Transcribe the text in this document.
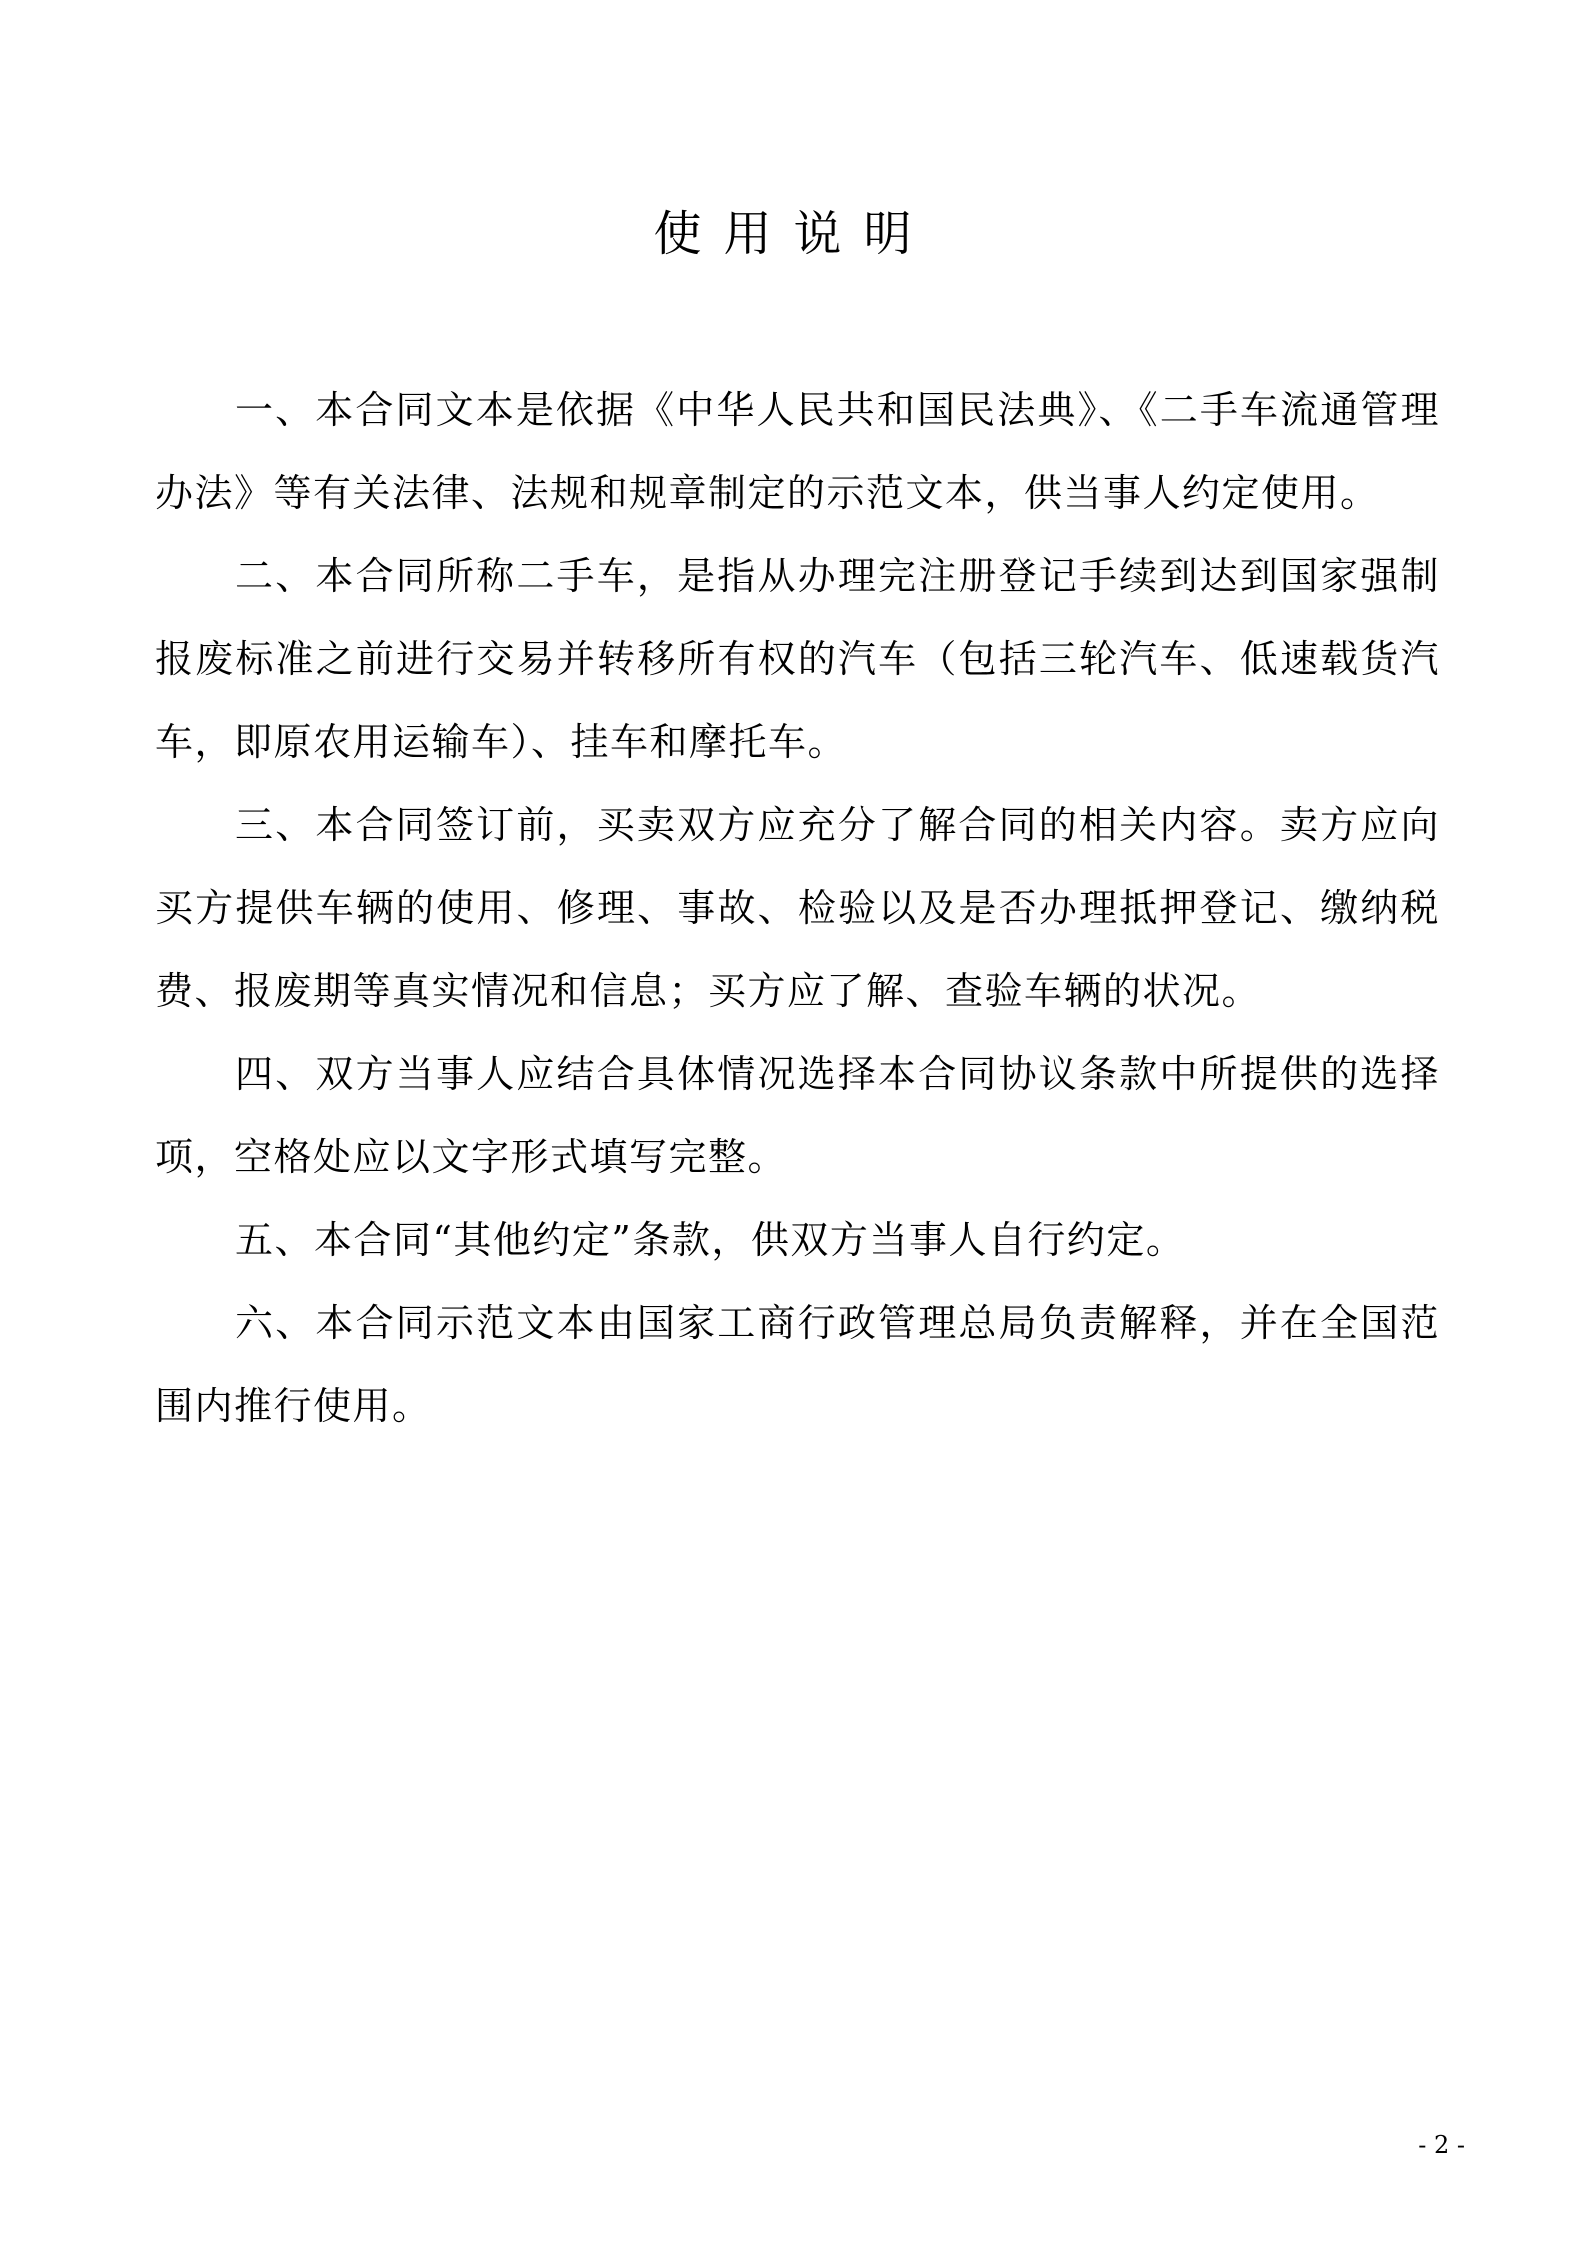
使用说明

一、本合同文本是依据《中华人民共和国民法典》、《二手车流通管理办法》等有关法律、法规和规章制定的示范文本，供当事人约定使用。

二、本合同所称二手车，是指从办理完注册登记手续到达到国家强制报废标准之前进行交易并转移所有权的汽车（包括三轮汽车、低速载货汽车，即原农用运输车）、挂车和摩托车。

三、本合同签订前，买卖双方应充分了解合同的相关内容。卖方应向买方提供车辆的使用、修理、事故、检验以及是否办理抵押登记、缴纳税费、报废期等真实情况和信息；买方应了解、查验车辆的状况。

四、双方当事人应结合具体情况选择本合同协议条款中所提供的选择项，空格处应以文字形式填写完整。

五、本合同“其他约定”条款，供双方当事人自行约定。

六、本合同示范文本由国家工商行政管理总局负责解释，并在全国范围内推行使用。

- 2 -
